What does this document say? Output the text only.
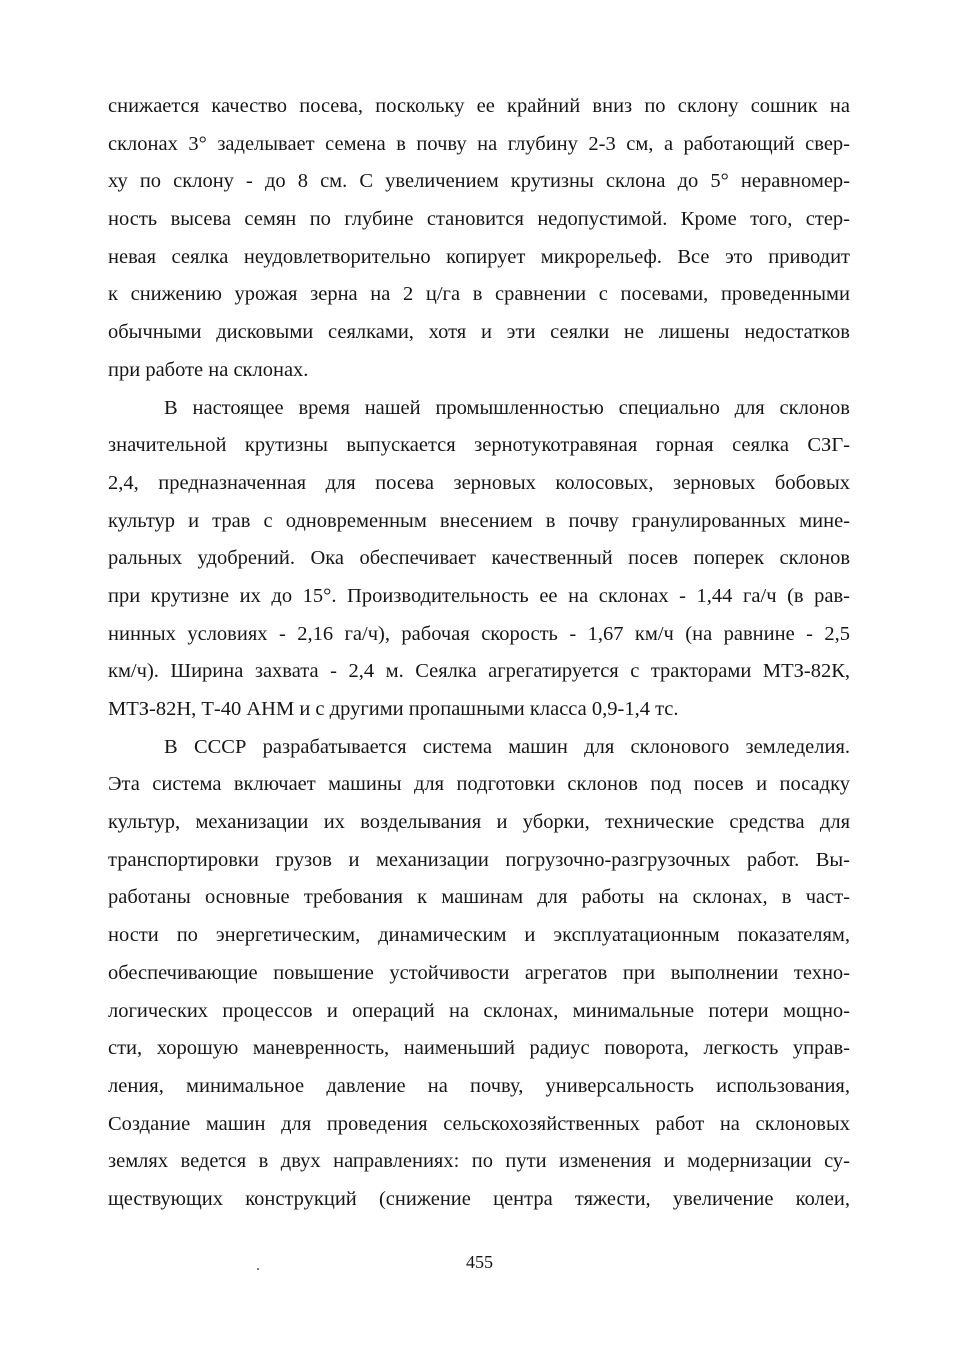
снижается качество посева, поскольку ее крайний вниз по склону сошник на
склонах 3° заделывает семена в почву на глубину 2-3 см, а работающий свер-
ху по склону - до 8 см. С увеличением крутизны склона до 5° неравномер-
ность высева семян по глубине становится недопустимой. Кроме того, стер-
невая сеялка неудовлетворительно копирует микрорельеф. Все это приводит
к снижению урожая зерна на 2 ц/га в сравнении с посевами, проведенными
обычными дисковыми сеялками, хотя и эти сеялки не лишены недостатков
при работе на склонах.

В настоящее время нашей промышленностью специально для склонов
значительной крутизны выпускается зернотукотравяная горная сеялка СЗГ-
2,4, предназначенная для посева зерновых колосовых, зерновых бобовых
культур и трав с одновременным внесением в почву гранулированных мине-
ральных удобрений. Ока обеспечивает качественный посев поперек склонов
при крутизне их до 15°. Производительность ее на склонах - 1,44 га/ч (в рав-
нинных условиях - 2,16 га/ч), рабочая скорость - 1,67 км/ч (на равнине - 2,5
км/ч). Ширина захвата - 2,4 м. Сеялка агрегатируется с тракторами МТЗ-82К,
МТЗ-82Н, Т-40 АНМ и с другими пропашными класса 0,9-1,4 тс.

В СССР разрабатывается система машин для склонового земледелия.
Эта система включает машины для подготовки склонов под посев и посадку
культур, механизации их возделывания и уборки, технические средства для
транспортировки грузов и механизации погрузочно-разгрузочных работ. Вы-
работаны основные требования к машинам для работы на склонах, в част-
ности по энергетическим, динамическим и эксплуатационным показателям,
обеспечивающие повышение устойчивости агрегатов при выполнении техно-
логических процессов и операций на склонах, минимальные потери мощно-
сти, хорошую маневренность, наименьший радиус поворота, легкость управ-
ления, минимальное давление на почву, универсальность использования,
Создание машин для проведения сельскохозяйственных работ на склоновых
землях ведется в двух направлениях: по пути изменения и модернизации су-
ществующих конструкций (снижение центра тяжести, увеличение колеи,

455
